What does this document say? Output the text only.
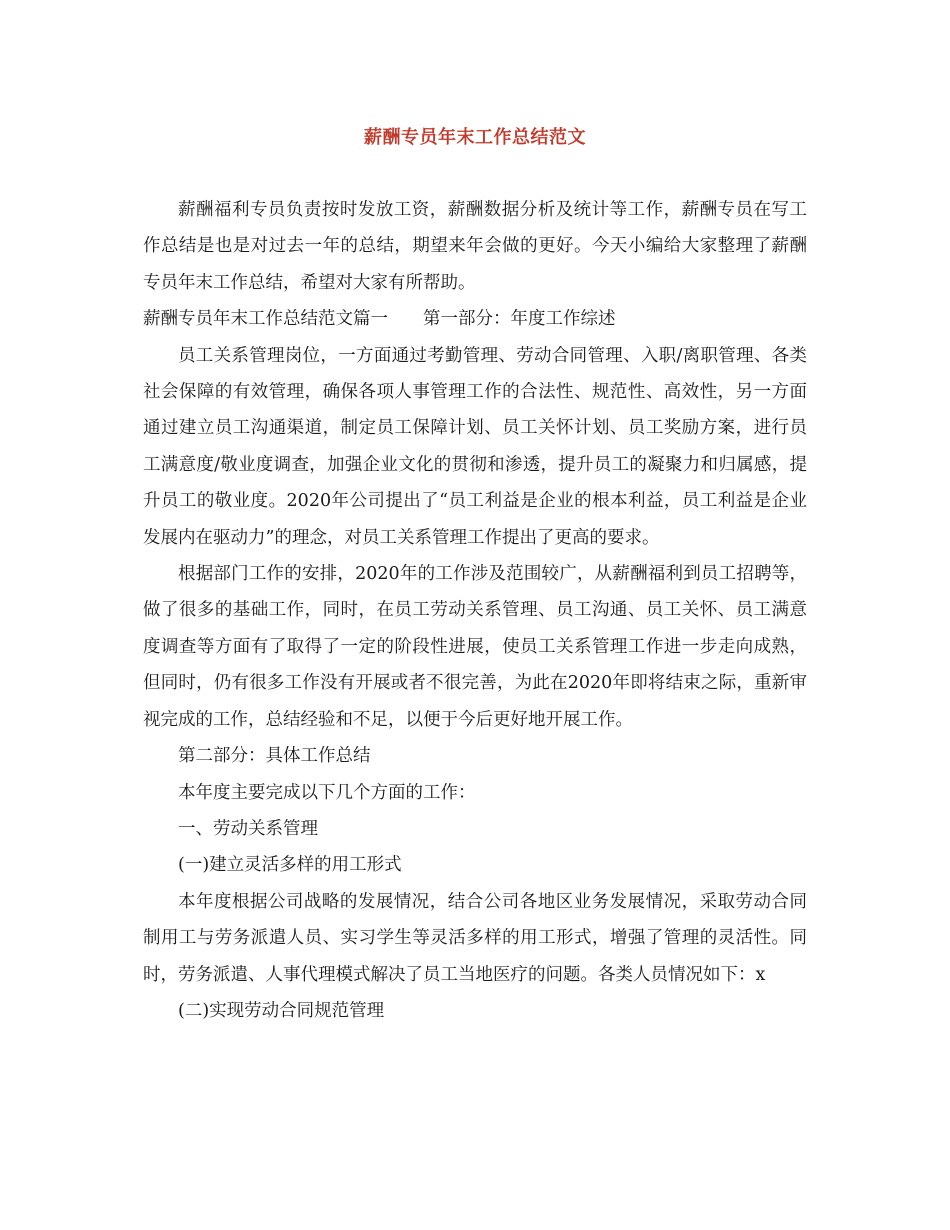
薪酬专员年末工作总结范文

薪酬福利专员负责按时发放工资，薪酬数据分析及统计等工作，薪酬专员在写工作总结是也是对过去一年的总结，期望来年会做的更好。今天小编给大家整理了薪酬专员年末工作总结，希望对大家有所帮助。

薪酬专员年末工作总结范文篇一　　第一部分：年度工作综述

员工关系管理岗位，一方面通过考勤管理、劳动合同管理、入职/离职管理、各类社会保障的有效管理，确保各项人事管理工作的合法性、规范性、高效性，另一方面通过建立员工沟通渠道，制定员工保障计划、员工关怀计划、员工奖励方案，进行员工满意度/敬业度调查，加强企业文化的贯彻和渗透，提升员工的凝聚力和归属感，提升员工的敬业度。2020年公司提出了“员工利益是企业的根本利益，员工利益是企业发展内在驱动力”的理念，对员工关系管理工作提出了更高的要求。

根据部门工作的安排，2020年的工作涉及范围较广，从薪酬福利到员工招聘等，做了很多的基础工作，同时，在员工劳动关系管理、员工沟通、员工关怀、员工满意度调查等方面有了取得了一定的阶段性进展，使员工关系管理工作进一步走向成熟，但同时，仍有很多工作没有开展或者不很完善，为此在2020年即将结束之际，重新审视完成的工作，总结经验和不足，以便于今后更好地开展工作。

第二部分：具体工作总结

本年度主要完成以下几个方面的工作：

一、劳动关系管理

(一)建立灵活多样的用工形式

本年度根据公司战略的发展情况，结合公司各地区业务发展情况，采取劳动合同制用工与劳务派遣人员、实习学生等灵活多样的用工形式，增强了管理的灵活性。同时，劳务派遣、人事代理模式解决了员工当地医疗的问题。各类人员情况如下：x

(二)实现劳动合同规范管理
